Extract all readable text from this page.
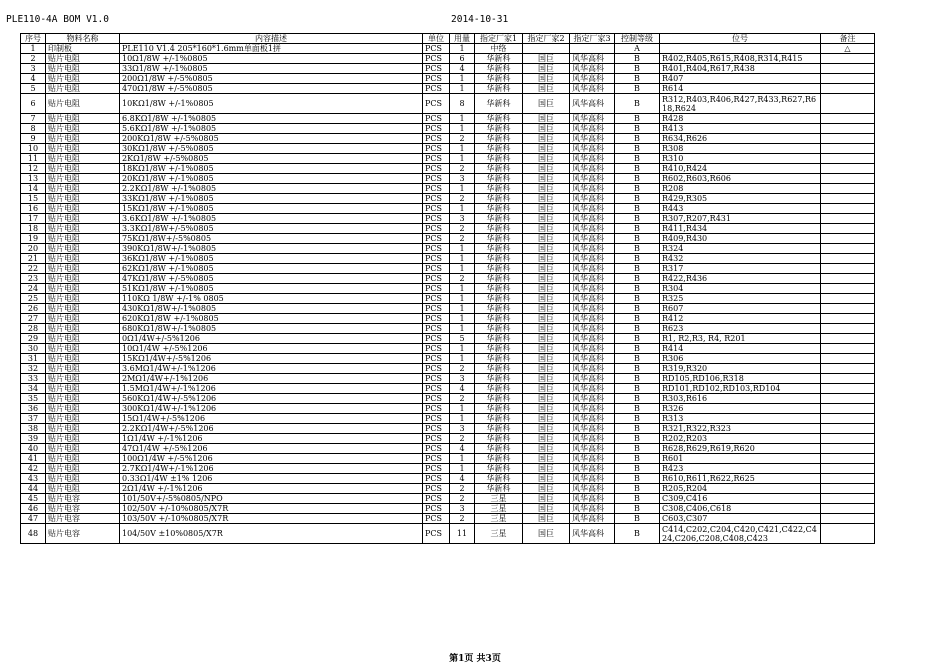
PLE110-4A BOM V1.0	2014-10-31
序号	物料名称	内容描述	单位	用量	指定厂家1	指定厂家2	指定厂家3	控制等级	位号	备注
1	印制板	PLE110 V1.4 205*160*1.6mm单面板1拼	PCS	1	中络			A		△
2	贴片电阻	10Ω1/8W +/-1%0805	PCS	6	华新科	国巨	风华高科	B	R402,R405,R615,R408,R314,R415	
3	贴片电阻	33Ω1/8W +/-1%0805	PCS	4	华新科	国巨	风华高科	B	R401,R404,R617,R438	
4	贴片电阻	200Ω1/8W +/-5%0805	PCS	1	华新科	国巨	风华高科	B	R407	
5	贴片电阻	470Ω1/8W +/-5%0805	PCS	1	华新科	国巨	风华高科	B	R614	
6	贴片电阻	10KΩ1/8W +/-1%0805	PCS	8	华新科	国巨	风华高科	B	R312,R403,R406,R427,R433,R627,R618,R624	
7	贴片电阻	6.8KΩ1/8W +/-1%0805	PCS	1	华新科	国巨	风华高科	B	R428	
8	贴片电阻	5.6KΩ1/8W +/-1%0805	PCS	1	华新科	国巨	风华高科	B	R413	
9	贴片电阻	200KΩ1/8W +/-5%0805	PCS	2	华新科	国巨	风华高科	B	R634,R626	
10	贴片电阻	30KΩ1/8W +/-5%0805	PCS	1	华新科	国巨	风华高科	B	R308	
11	贴片电阻	2KΩ1/8W +/-5%0805	PCS	1	华新科	国巨	风华高科	B	R310	
12	贴片电阻	18KΩ1/8W +/-1%0805	PCS	2	华新科	国巨	风华高科	B	R410,R424	
13	贴片电阻	20KΩ1/8W +/-1%0805	PCS	3	华新科	国巨	风华高科	B	R602,R603,R606	
14	贴片电阻	2.2KΩ1/8W +/-1%0805	PCS	1	华新科	国巨	风华高科	B	R208	
15	贴片电阻	33KΩ1/8W +/-1%0805	PCS	2	华新科	国巨	风华高科	B	R429,R305	
16	贴片电阻	15KΩ1/8W +/-1%0805	PCS	1	华新科	国巨	风华高科	B	R443	
17	贴片电阻	3.6KΩ1/8W +/-1%0805	PCS	3	华新科	国巨	风华高科	B	R307,R207,R431	
18	贴片电阻	3.3KΩ1/8W+/-5%0805	PCS	2	华新科	国巨	风华高科	B	R411,R434	
19	贴片电阻	75KΩ1/8W+/-5%0805	PCS	2	华新科	国巨	风华高科	B	R409,R430	
20	贴片电阻	390KΩ1/8W+/-1%0805	PCS	1	华新科	国巨	风华高科	B	R324	
21	贴片电阻	36KΩ1/8W +/-1%0805	PCS	1	华新科	国巨	风华高科	B	R432	
22	贴片电阻	62KΩ1/8W +/-1%0805	PCS	1	华新科	国巨	风华高科	B	R317	
23	贴片电阻	47KΩ1/8W +/-5%0805	PCS	2	华新科	国巨	风华高科	B	R422,R436	
24	贴片电阻	51KΩ1/8W +/-1%0805	PCS	1	华新科	国巨	风华高科	B	R304	
25	贴片电阻	110KΩ 1/8W +/-1% 0805	PCS	1	华新科	国巨	风华高科	B	R325	
26	贴片电阻	430KΩ1/8W+/-1%0805	PCS	1	华新科	国巨	风华高科	B	R607	
27	贴片电阻	620KΩ1/8W +/-1%0805	PCS	1	华新科	国巨	风华高科	B	R412	
28	贴片电阻	680KΩ1/8W+/-1%0805	PCS	1	华新科	国巨	风华高科	B	R623	
29	贴片电阻	0Ω1/4W+/-5%1206	PCS	5	华新科	国巨	风华高科	B	R1, R2,R3, R4, R201	
30	贴片电阻	10Ω1/4W +/-5%1206	PCS	1	华新科	国巨	风华高科	B	R414	
31	贴片电阻	15KΩ1/4W+/-5%1206	PCS	1	华新科	国巨	风华高科	B	R306	
32	贴片电阻	3.6MΩ1/4W+/-1%1206	PCS	2	华新科	国巨	风华高科	B	R319,R320	
33	贴片电阻	2MΩ1/4W+/-1%1206	PCS	3	华新科	国巨	风华高科	B	RD105,RD106,R318	
34	贴片电阻	1.5MΩ1/4W+/-1%1206	PCS	4	华新科	国巨	风华高科	B	RD101,RD102,RD103,RD104	
35	贴片电阻	560KΩ1/4W+/-5%1206	PCS	2	华新科	国巨	风华高科	B	R303,R616	
36	贴片电阻	300KΩ1/4W+/-1%1206	PCS	1	华新科	国巨	风华高科	B	R326	
37	贴片电阻	15Ω1/4W+/-5%1206	PCS	1	华新科	国巨	风华高科	B	R313	
38	贴片电阻	2.2KΩ1/4W+/-5%1206	PCS	3	华新科	国巨	风华高科	B	R321,R322,R323	
39	贴片电阻	1Ω1/4W +/-1%1206	PCS	2	华新科	国巨	风华高科	B	R202,R203	
40	贴片电阻	47Ω1/4W +/-5%1206	PCS	4	华新科	国巨	风华高科	B	R628,R629,R619,R620	
41	贴片电阻	100Ω1/4W +/-5%1206	PCS	1	华新科	国巨	风华高科	B	R601	
42	贴片电阻	2.7KΩ1/4W+/-1%1206	PCS	1	华新科	国巨	风华高科	B	R423	
43	贴片电阻	0.33Ω1/4W ±1% 1206	PCS	4	华新科	国巨	风华高科	B	R610,R611,R622,R625	
44	贴片电阻	2Ω1/4W +/-1%1206	PCS	2	华新科	国巨	风华高科	B	R205,R204	
45	贴片电容	101/50V+/-5%0805/NPO	PCS	2	三星	国巨	风华高科	B	C309,C416	
46	贴片电容	102/50V +/-10%0805/X7R	PCS	3	三星	国巨	风华高科	B	C308,C406,C618	
47	贴片电容	103/50V +/-10%0805/X7R	PCS	2	三星	国巨	风华高科	B	C603,C307	
48	贴片电容	104/50V ±10%0805/X7R	PCS	11	三星	国巨	风华高科	B	C414,C202,C204,C420,C421,C422,C424,C206,C208,C408,C423	
第1页 共3页
